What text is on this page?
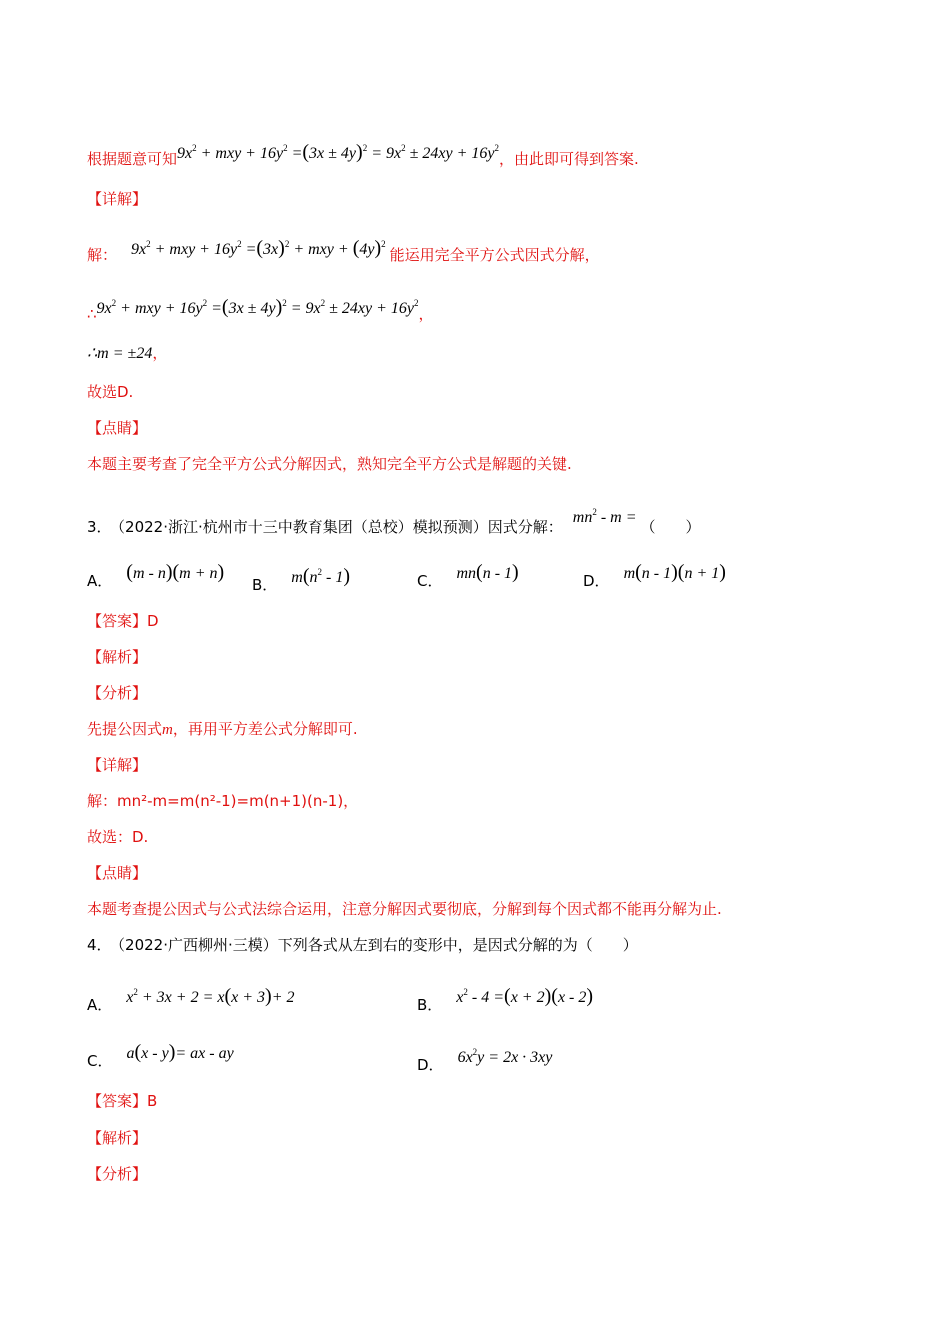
根据题意可知$9x^2$ + mxy + $16y^2 =(3x \pm 4y)^2 = 9x^2 \pm 24xy + 16y^2$，由此即可得到答案.
【详解】
解： $9x^2$ + mxy + $16y^2 =(3x)^2$ + mxy + $(4y)^2$能运用完全平方公式因式分解，
$\therefore 9x^2$ + mxy + $16y^2 =(3x \pm 4y)^2 = 9x^2 \pm 24xy + 16y^2$，
∴m = ±24，
故选D.
【点睛】
本题主要考查了完全平方公式分解因式，熟知完全平方公式是解题的关键.
3． （2022·浙江·杭州市十三中教育集团（总校）模拟预测）因式分解：$mn^2$ - m =（　　）
A． (m - n)(m + n)
B． $m(n^2 - 1)$	C． mn(n - 1)	D． m(n - 1)(n + 1)
【答案】D
【解析】
【分析】
先提公因式m，再用平方差公式分解即可.
【详解】
解：mn²-m=m(n²-1)=m(n+1)(n-1)，
故选：D.
【点睛】
本题考查提公因式与公式法综合运用，注意分解因式要彻底，分解到每个因式都不能再分解为止.
4． （2022·广西柳州·三模）下列各式从左到右的变形中，是因式分解的为（　　）
A． $x^2 + 3x + 2 = x(x + 3)+ 2$	B． $x^2 - 4 =(x + 2)(x - 2)$
C． a(x - y)= ax - ay
D． $6x^2y = 2x \cdot 3xy$
【答案】B
【解析】
【分析】
